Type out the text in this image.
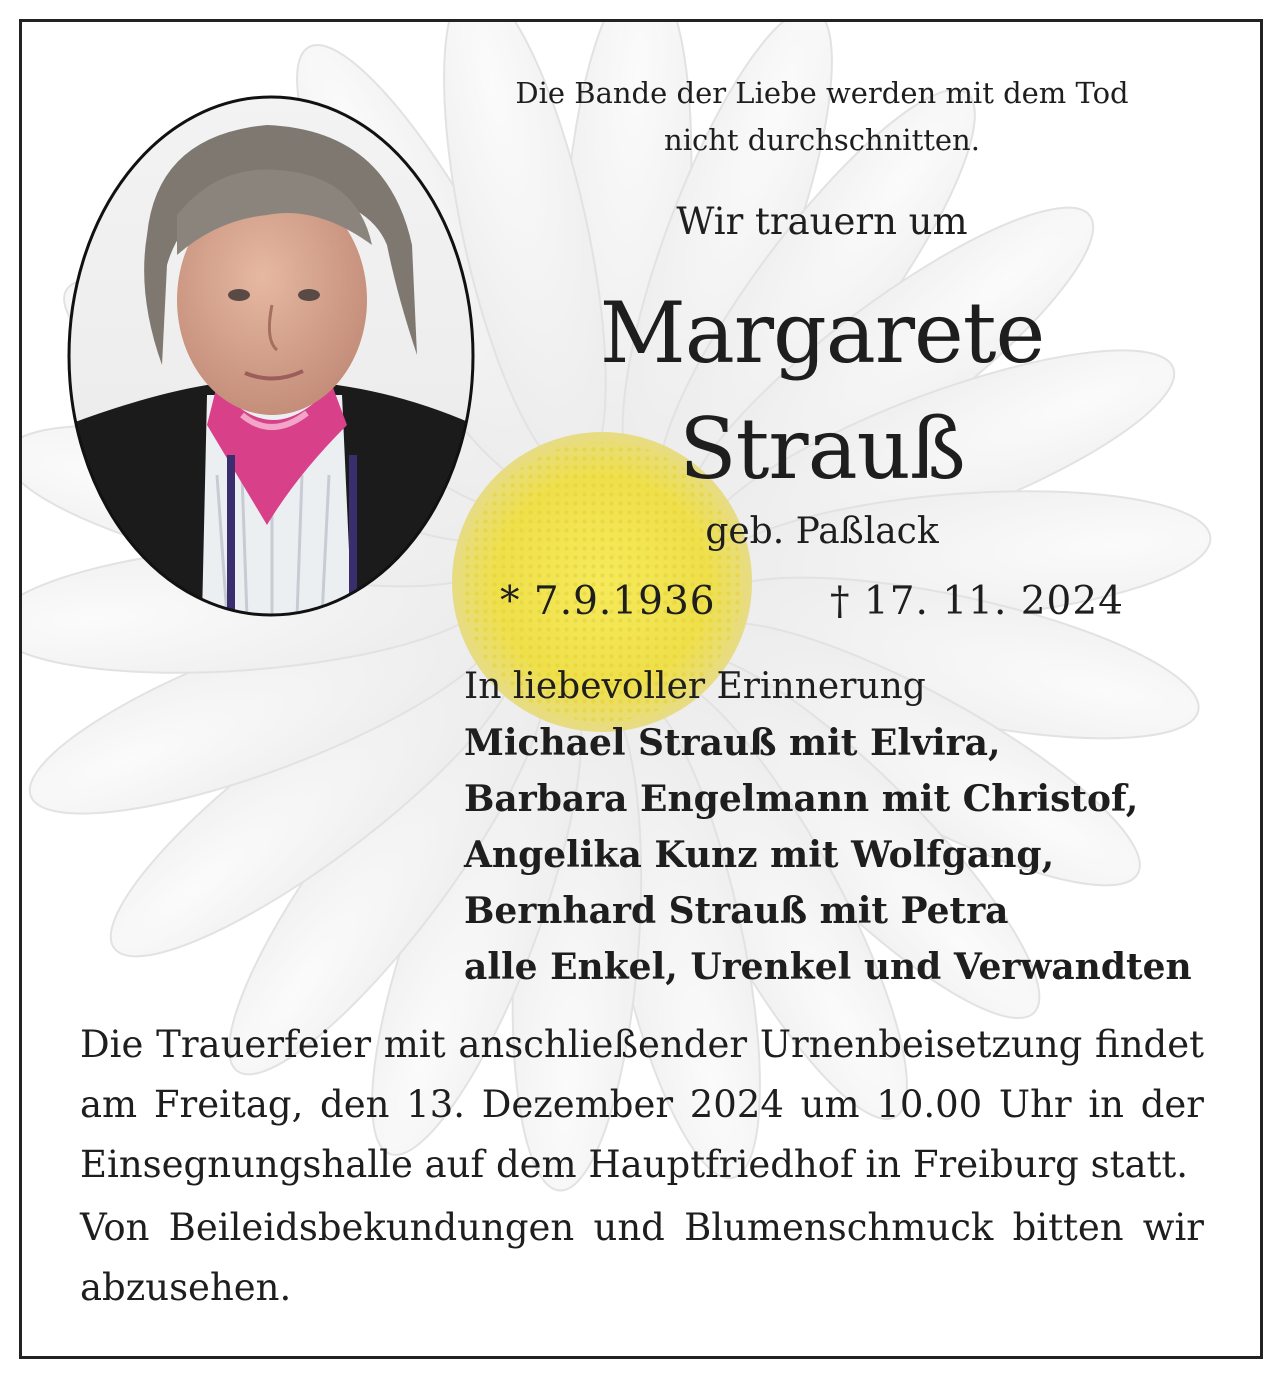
Die Bande der Liebe werden mit dem Tod
nicht durchschnitten.
Wir trauern um
Margarete
Strauß
geb. Paßlack
* 7.9.1936	† 17. 11. 2024
In liebevoller Erinnerung
Michael Strauß mit Elvira,
Barbara Engelmann mit Christof,
Angelika Kunz mit Wolfgang,
Bernhard Strauß mit Petra
alle Enkel, Urenkel und Verwandten
Die Trauerfeier mit anschließender Urnenbeisetzung findet am Freitag, den 13. Dezember 2024 um 10.00 Uhr in der Einsegnungshalle auf dem Hauptfriedhof in Freiburg statt.
Von Beileidsbekundungen und Blumenschmuck bitten wir abzusehen.
